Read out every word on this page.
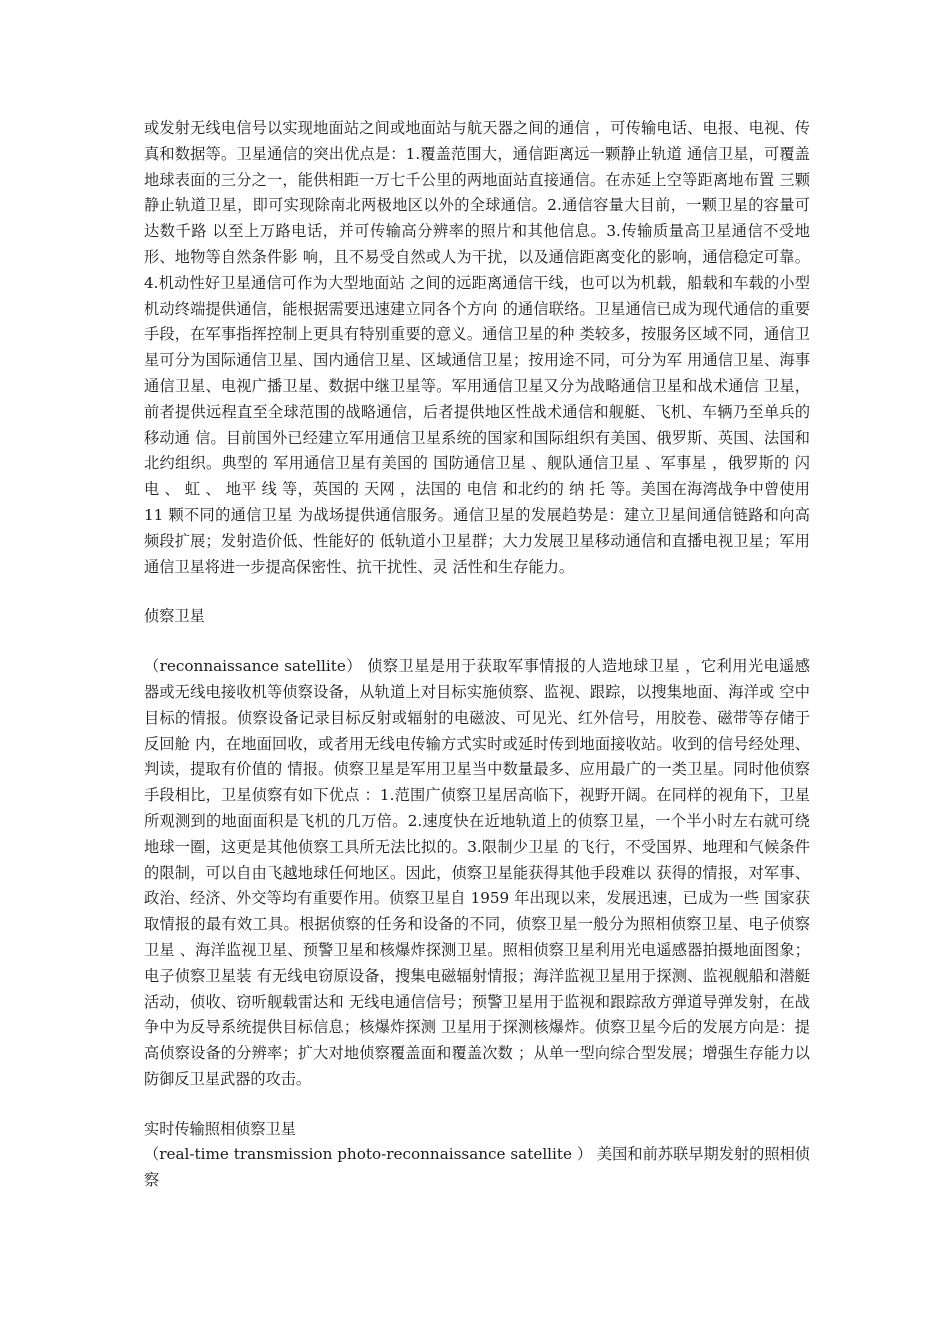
或发射无线电信号以实现地面站之间或地面站与航天器之间的通信 ，可传输电话、电报、电视、传真和数据等。卫星通信的突出优点是：1.覆盖范围大，通信距离远一颗静止轨道 通信卫星，可覆盖地球表面的三分之一，能供相距一万七千公里的两地面站直接通信。在赤延上空等距离地布置 三颗静止轨道卫星，即可实现除南北两极地区以外的全球通信。2.通信容量大目前，一颗卫星的容量可达数千路 以至上万路电话，并可传输高分辨率的照片和其他信息。3.传输质量高卫星通信不受地形、地物等自然条件影 响，且不易受自然或人为干扰，以及通信距离变化的影响，通信稳定可靠。4.机动性好卫星通信可作为大型地面站 之间的远距离通信干线，也可以为机载，船载和车载的小型机动终端提供通信，能根据需要迅速建立同各个方向 的通信联络。卫星通信已成为现代通信的重要手段，在军事指挥控制上更具有特别重要的意义。通信卫星的种 类较多，按服务区域不同，通信卫星可分为国际通信卫星、国内通信卫星、区域通信卫星；按用途不同，可分为军 用通信卫星、海事通信卫星、电视广播卫星、数据中继卫星等。军用通信卫星又分为战略通信卫星和战术通信 卫星，前者提供远程直至全球范围的战略通信，后者提供地区性战术通信和舰艇、飞机、车辆乃至单兵的移动通 信。目前国外已经建立军用通信卫星系统的国家和国际组织有美国、俄罗斯、英国、法国和北约组织。典型的 军用通信卫星有美国的 国防通信卫星 、舰队通信卫星 、军事星 ，俄罗斯的 闪电 、 虹 、 地平 线 等，英国的 天网 ，法国的 电信 和北约的 纳 托 等。美国在海湾战争中曾使用 11 颗不同的通信卫星 为战场提供通信服务。通信卫星的发展趋势是：建立卫星间通信链路和向高频段扩展；发射造价低、性能好的 低轨道小卫星群；大力发展卫星移动通信和直播电视卫星；军用通信卫星将进一步提高保密性、抗干扰性、灵 活性和生存能力。

侦察卫星

（reconnaissance satellite） 侦察卫星是用于获取军事情报的人造地球卫星 ，它利用光电遥感器或无线电接收机等侦察设备，从轨道上对目标实施侦察、监视、跟踪，以搜集地面、海洋或 空中目标的情报。侦察设备记录目标反射或辐射的电磁波、可见光、红外信号，用胶卷、磁带等存储于反回舱 内，在地面回收，或者用无线电传输方式实时或延时传到地面接收站。收到的信号经处理、判读，提取有价值的 情报。侦察卫星是军用卫星当中数量最多、应用最广的一类卫星。同时他侦察手段相比，卫星侦察有如下优点 ：1.范围广侦察卫星居高临下，视野开阔。在同样的视角下，卫星所观测到的地面面积是飞机的几万倍。2.速度快在近地轨道上的侦察卫星，一个半小时左右就可绕地球一圈，这更是其他侦察工具所无法比拟的。3.限制少卫星 的飞行，不受国界、地理和气候条件的限制，可以自由飞越地球任何地区。因此，侦察卫星能获得其他手段难以 获得的情报，对军事、政治、经济、外交等均有重要作用。侦察卫星自 1959 年出现以来，发展迅速，已成为一些 国家获取情报的最有效工具。根据侦察的任务和设备的不同，侦察卫星一般分为照相侦察卫星、电子侦察卫星 、海洋监视卫星、预警卫星和核爆炸探测卫星。照相侦察卫星利用光电遥感器拍摄地面图象；电子侦察卫星装 有无线电窃原设备，搜集电磁辐射情报；海洋监视卫星用于探测、监视舰船和潜艇活动，侦收、窃听舰载雷达和 无线电通信信号；预警卫星用于监视和跟踪敌方弹道导弹发射，在战争中为反导系统提供目标信息；核爆炸探测 卫星用于探测核爆炸。侦察卫星今后的发展方向是：提高侦察设备的分辨率；扩大对地侦察覆盖面和覆盖次数 ；从单一型向综合型发展；增强生存能力以防御反卫星武器的攻击。

实时传输照相侦察卫星

（real-time transmission photo-reconnaissance satellite ） 美国和前苏联早期发射的照相侦察
